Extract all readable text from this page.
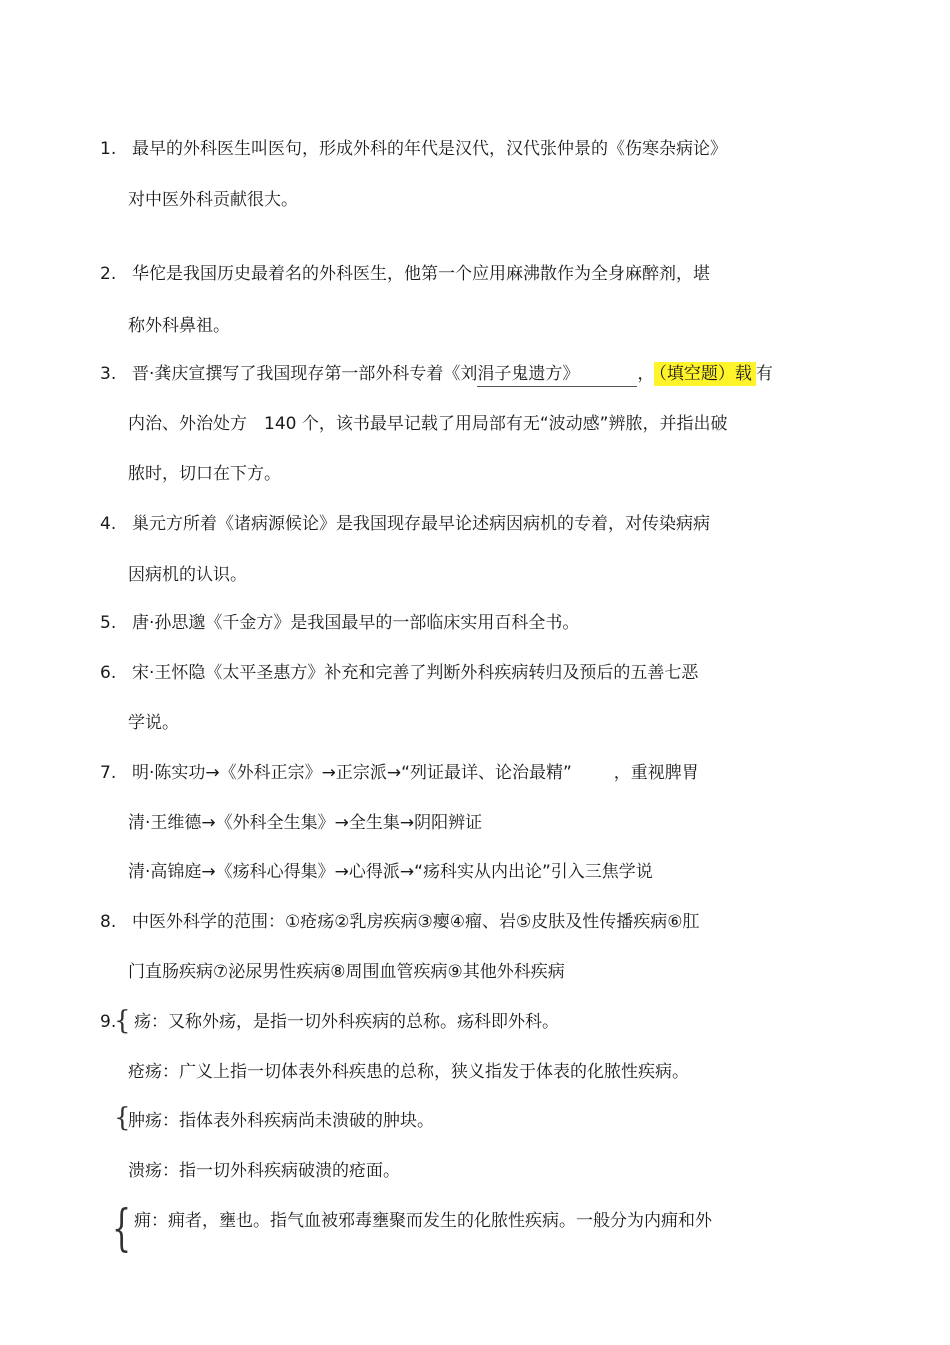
1. 最早的外科医生叫医句，形成外科的年代是汉代，汉代张仲景的《伤寒杂病论》
对中医外科贡献很大。
2. 华佗是我国历史最着名的外科医生，他第一个应用麻沸散作为全身麻醉剂，堪
称外科鼻祖。
3. 晋·龚庆宣撰写了我国现存第一部外科专着《刘涓子鬼遗方》	， （填空题）载 有
内治、外治处方　140 个，该书最早记载了用局部有无“波动感”辨脓，并指出破
脓时，切口在下方。
4. 巢元方所着《诸病源候论》是我国现存最早论述病因病机的专着，对传染病病
因病机的认识。
5. 唐·孙思邈《千金方》是我国最早的一部临床实用百科全书。
6. 宋·王怀隐《太平圣惠方》补充和完善了判断外科疾病转归及预后的五善七恶
学说。
7. 明·陈实功→《外科正宗》→正宗派→“列证最详、论治最精” ，重视脾胃
清·王维德→《外科全生集》→全生集→阴阳辨证
清·高锦庭→《疡科心得集》→心得派→“疡科实从内出论”引入三焦学说
8. 中医外科学的范围：①疮疡②乳房疾病③瘿④瘤、岩⑤皮肤及性传播疾病⑥肛
门直肠疾病⑦泌尿男性疾病⑧周围血管疾病⑨其他外科疾病
9.
{ 疡：又称外疡，是指一切外科疾病的总称。疡科即外科。
疮疡：广义上指一切体表外科疾患的总称，狭义指发于体表的化脓性疾病。
{
肿疡：指体表外科疾病尚未溃破的肿块。
溃疡：指一切外科疾病破溃的疮面。
{ 痈：痈者，壅也。指气血被邪毒壅聚而发生的化脓性疾病。一般分为内痈和外
